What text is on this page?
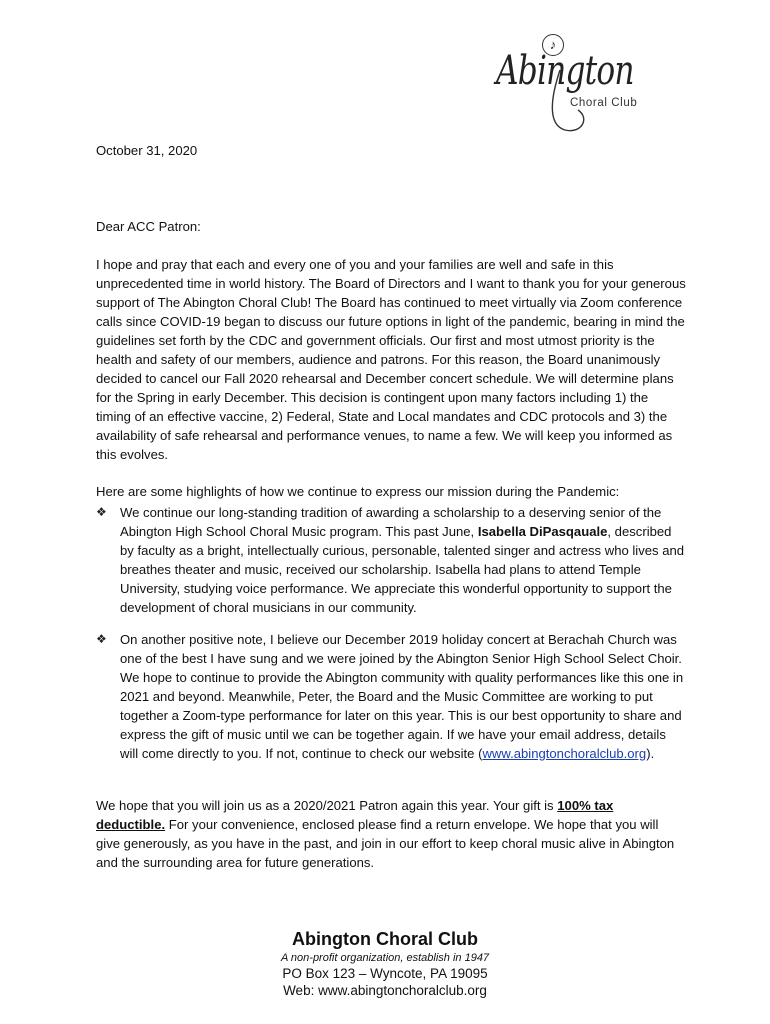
♪
Abington
Choral Club
October 31, 2020
Dear ACC Patron:
I hope and pray that each and every one of you and your families are well and safe in this unprecedented time in world history. The Board of Directors and I want to thank you for your generous support of The Abington Choral Club! The Board has continued to meet virtually via Zoom conference calls since COVID-19 began to discuss our future options in light of the pandemic, bearing in mind the guidelines set forth by the CDC and government officials. Our first and most utmost priority is the health and safety of our members, audience and patrons. For this reason, the Board unanimously decided to cancel our Fall 2020 rehearsal and December concert schedule. We will determine plans for the Spring in early December. This decision is contingent upon many factors including 1) the timing of an effective vaccine, 2) Federal, State and Local mandates and CDC protocols and 3) the availability of safe rehearsal and performance venues, to name a few. We will keep you informed as this evolves.
Here are some highlights of how we continue to express our mission during the Pandemic:
❖	We continue our long-standing tradition of awarding a scholarship to a deserving senior of the Abington High School Choral Music program. This past June, Isabella DiPasqauale, described by faculty as a bright, intellectually curious, personable, talented singer and actress who lives and breathes theater and music, received our scholarship. Isabella had plans to attend Temple University, studying voice performance. We appreciate this wonderful opportunity to support the development of choral musicians in our community.
❖	On another positive note, I believe our December 2019 holiday concert at Berachah Church was one of the best I have sung and we were joined by the Abington Senior High School Select Choir. We hope to continue to provide the Abington community with quality performances like this one in 2021 and beyond. Meanwhile, Peter, the Board and the Music Committee are working to put together a Zoom-type performance for later on this year. This is our best opportunity to share and express the gift of music until we can be together again. If we have your email address, details will come directly to you. If not, continue to check our website (www.abingtonchoralclub.org).
We hope that you will join us as a 2020/2021 Patron again this year. Your gift is 100% tax deductible. For your convenience, enclosed please find a return envelope. We hope that you will give generously, as you have in the past, and join in our effort to keep choral music alive in Abington and the surrounding area for future generations.
Abington Choral Club
A non-profit organization, establish in 1947
PO Box 123 – Wyncote, PA 19095
Web: www.abingtonchoralclub.org
